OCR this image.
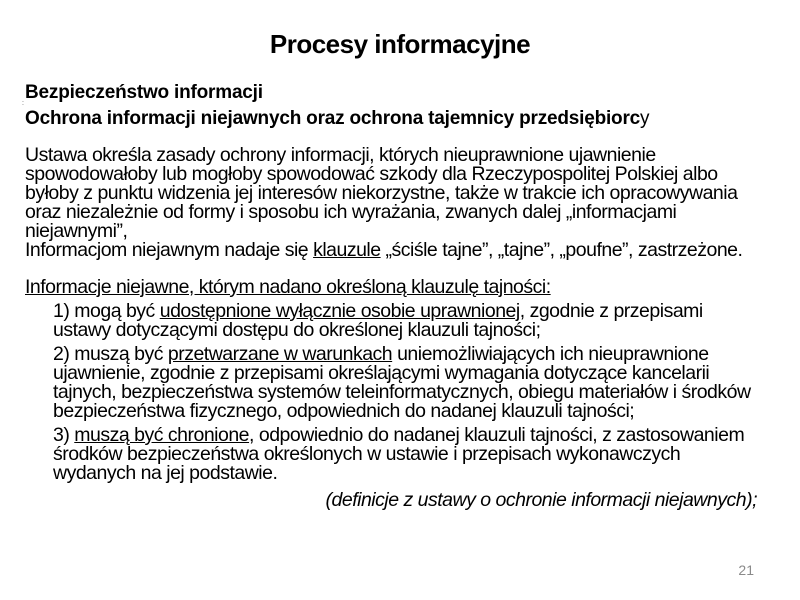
Procesy informacyjne
Bezpieczeństwo informacji
:
Ochrona informacji niejawnych oraz ochrona tajemnicy przedsiębiorcy

Ustawa określa zasady ochrony informacji, których nieuprawnione ujawnienie spowodowałoby lub mogłoby spowodować szkody dla Rzeczypospolitej Polskiej albo byłoby z punktu widzenia jej interesów niekorzystne, także w trakcie ich opracowywania oraz niezależnie od formy i sposobu ich wyrażania, zwanych dalej „informacjami niejawnymi”,

Informacjom niejawnym nadaje się klauzule „ściśle tajne”, „tajne”, „poufne”, zastrzeżone.

Informacje niejawne, którym nadano określoną klauzulę tajności:

1) mogą być udostępnione wyłącznie osobie uprawnionej, zgodnie z przepisami ustawy dotyczącymi dostępu do określonej klauzuli tajności;

2) muszą być przetwarzane w warunkach uniemożliwiających ich nieuprawnione ujawnienie, zgodnie z przepisami określającymi wymagania dotyczące kancelarii tajnych, bezpieczeństwa systemów teleinformatycznych, obiegu materiałów i środków bezpieczeństwa fizycznego, odpowiednich do nadanej klauzuli tajności;

3) muszą być chronione, odpowiednio do nadanej klauzuli tajności, z zastosowaniem środków bezpieczeństwa określonych w ustawie i przepisach wykonawczych wydanych na jej podstawie.

(definicje z ustawy o ochronie informacji niejawnych);

21
